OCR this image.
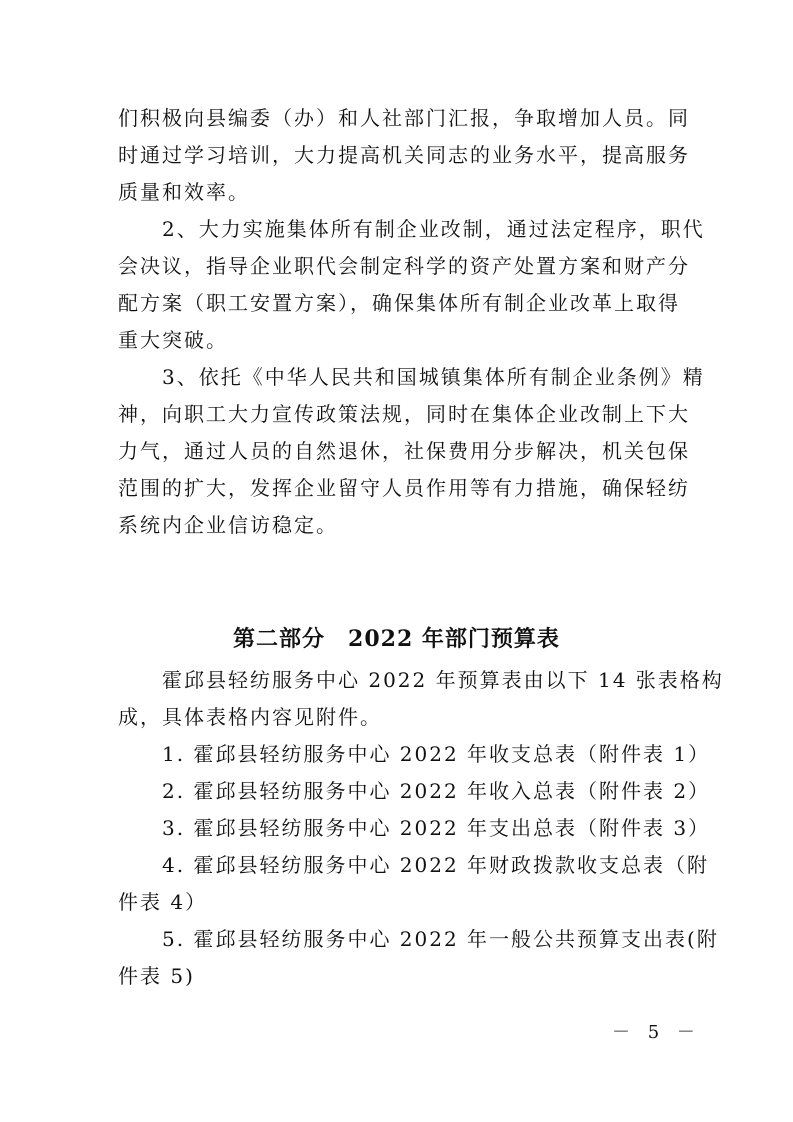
们积极向县编委（办）和人社部门汇报，争取增加人员。同
时通过学习培训，大力提高机关同志的业务水平，提高服务
质量和效率。
　　2、大力实施集体所有制企业改制，通过法定程序，职代
会决议，指导企业职代会制定科学的资产处置方案和财产分
配方案（职工安置方案），确保集体所有制企业改革上取得
重大突破。
　　3、依托《中华人民共和国城镇集体所有制企业条例》精
神，向职工大力宣传政策法规，同时在集体企业改制上下大
力气，通过人员的自然退休，社保费用分步解决，机关包保
范围的扩大，发挥企业留守人员作用等有力措施，确保轻纺
系统内企业信访稳定。
第二部分　2022 年部门预算表
　　霍邱县轻纺服务中心 2022 年预算表由以下 14 张表格构
成，具体表格内容见附件。
　　1. 霍邱县轻纺服务中心 2022 年收支总表（附件表 1）
　　2. 霍邱县轻纺服务中心 2022 年收入总表（附件表 2）
　　3. 霍邱县轻纺服务中心 2022 年支出总表（附件表 3）
　　4. 霍邱县轻纺服务中心 2022 年财政拨款收支总表（附
件表 4）
　　5. 霍邱县轻纺服务中心 2022 年一般公共预算支出表(附
件表 5)
－ 5 －
